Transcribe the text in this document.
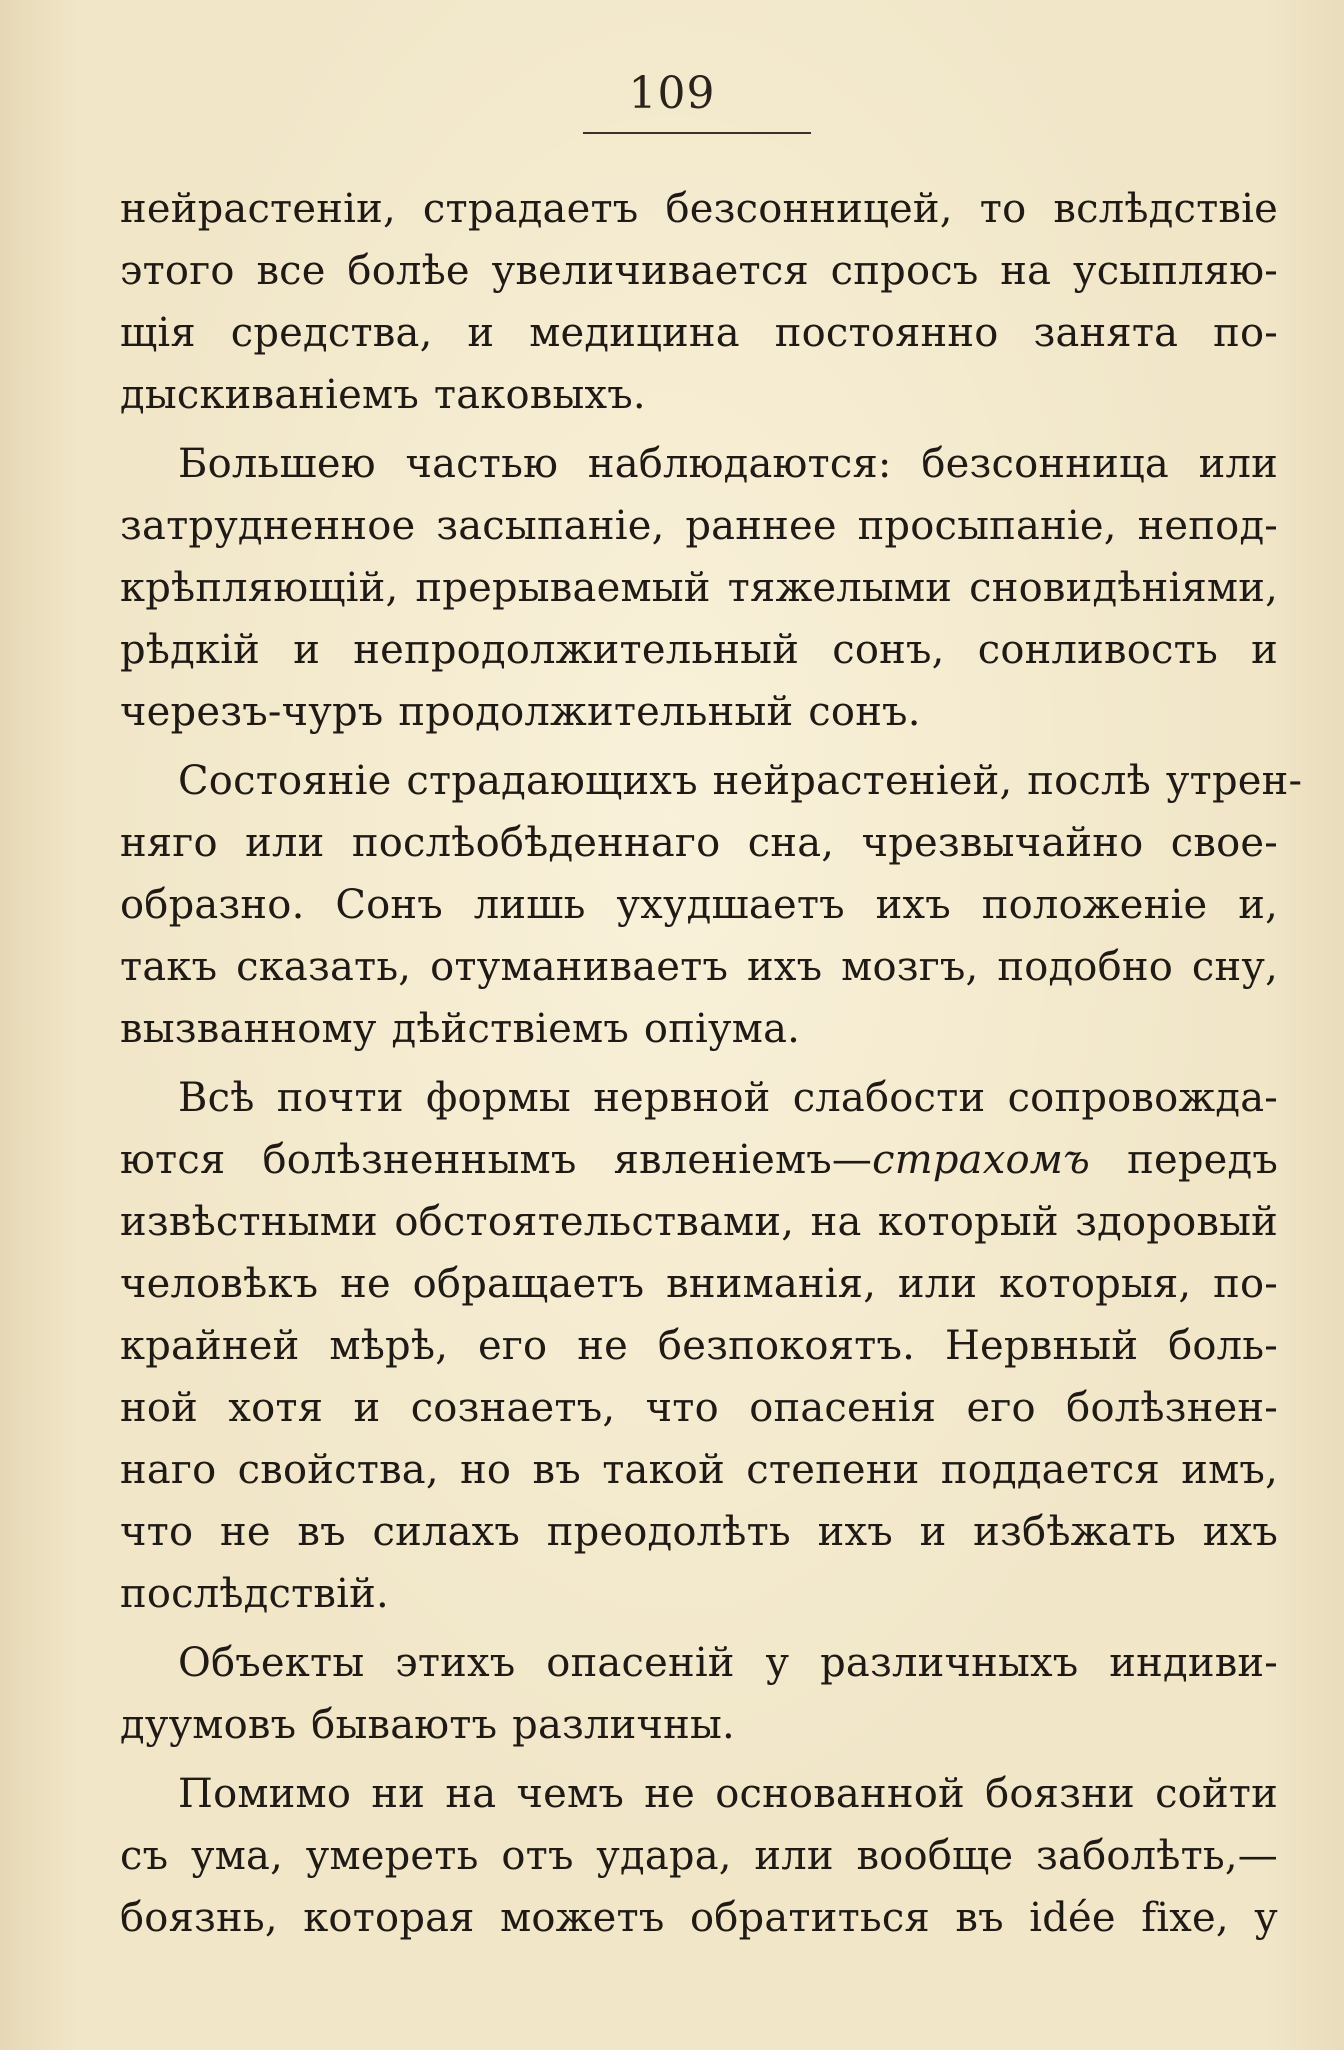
109
нейрастеніи, страдаетъ безсонницей, то вслѣдствіе
этого все болѣе увеличивается спросъ на усыпляю-
щія средства, и медицина постоянно занята по-
дыскиваніемъ таковыхъ.
Большею частью наблюдаются: безсонница или
затрудненное засыпаніе, раннее просыпаніе, непод-
крѣпляющій, прерываемый тяжелыми сновидѣніями,
рѣдкій и непродолжительный сонъ, сонливость и
черезъ-чуръ продолжительный сонъ.
Состояніе страдающихъ нейрастеніей, послѣ утрен-
няго или послѣобѣденнаго сна, чрезвычайно свое-
образно. Сонъ лишь ухудшаетъ ихъ положеніе и,
такъ сказать, отуманиваетъ ихъ мозгъ, подобно сну,
вызванному дѣйствіемъ опіума.
Всѣ почти формы нервной слабости сопровожда-
ются болѣзненнымъ явленіемъ—страхомъ передъ
извѣстными обстоятельствами, на который здоровый
человѣкъ не обращаетъ вниманія, или которыя, по-
крайней мѣрѣ, его не безпокоятъ. Нервный боль-
ной хотя и сознаетъ, что опасенія его болѣзнен-
наго свойства, но въ такой степени поддается имъ,
что не въ силахъ преодолѣть ихъ и избѣжать ихъ
послѣдствій.
Объекты этихъ опасеній у различныхъ индиви-
дуумовъ бываютъ различны.
Помимо ни на чемъ не основанной боязни сойти
съ ума, умереть отъ удара, или вообще заболѣть,—
боязнь, которая можетъ обратиться въ idée fixe, у
